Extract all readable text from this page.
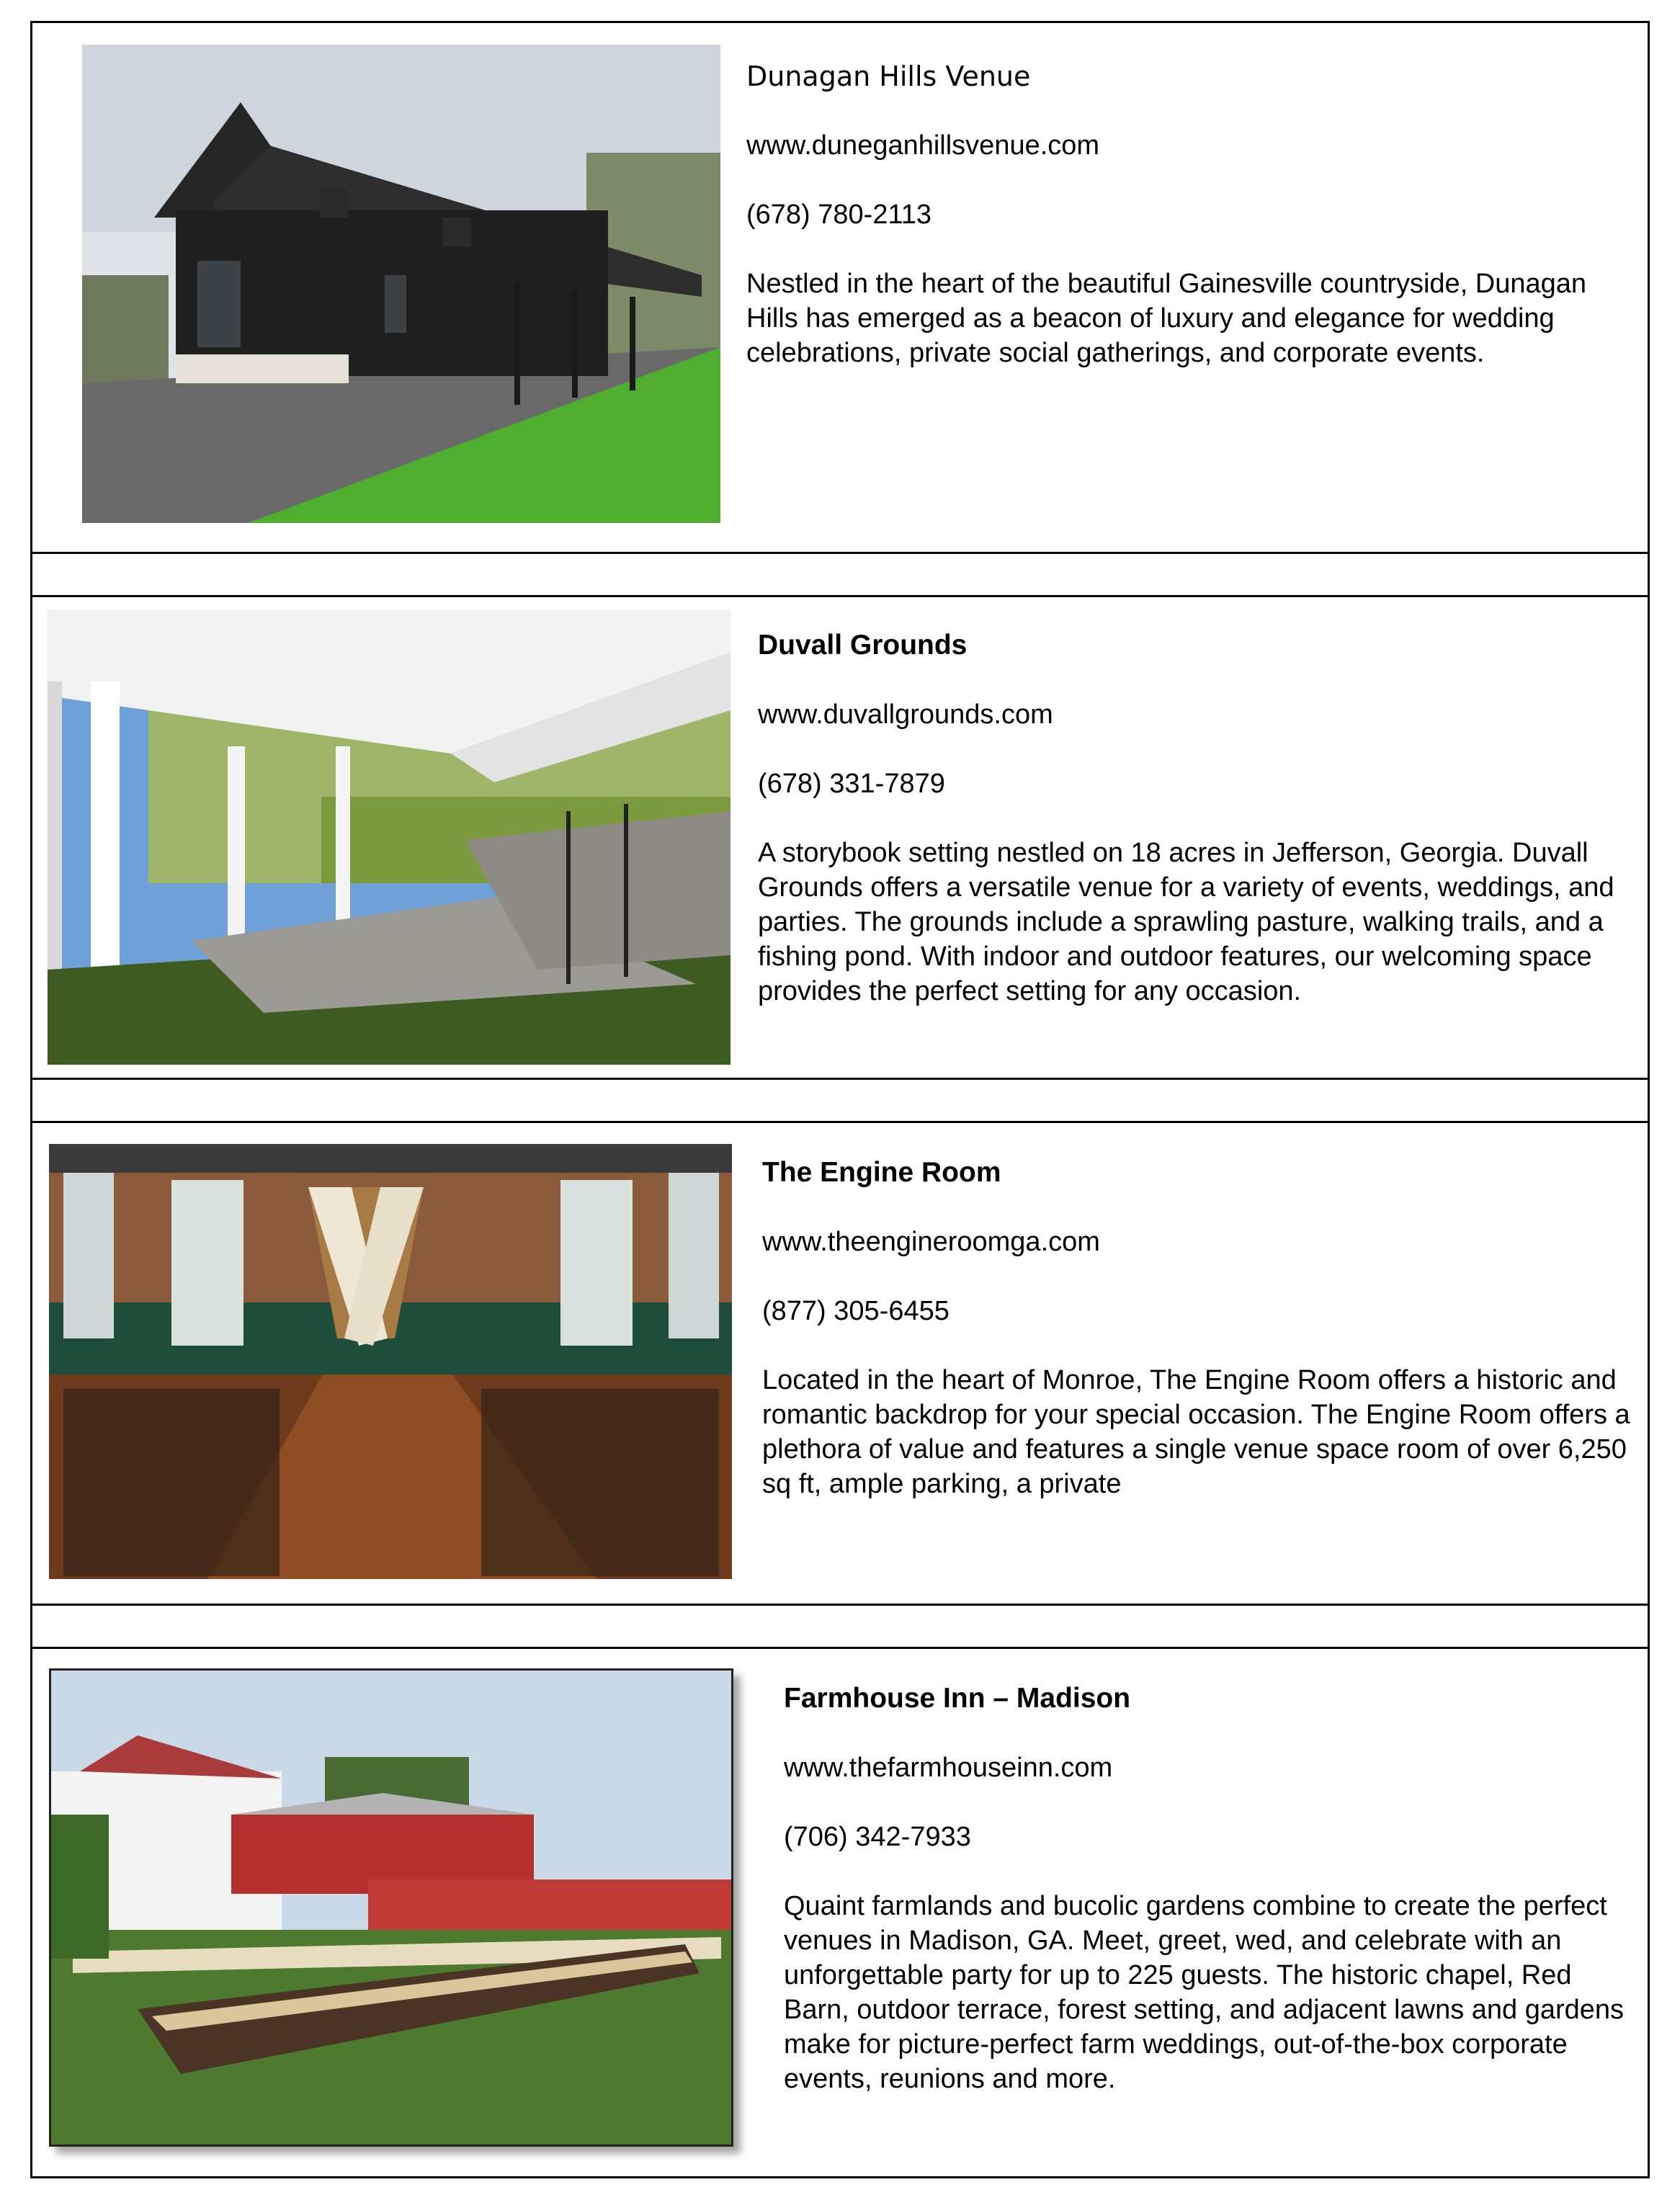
Dunagan Hills Venue

www.duneganhillsvenue.com

(678) 780-2113

Nestled in the heart of the beautiful Gainesville countryside, Dunagan Hills has emerged as a beacon of luxury and elegance for wedding celebrations, private social gatherings, and corporate events.

Duvall Grounds

www.duvallgrounds.com

(678) 331-7879

A storybook setting nestled on 18 acres in Jefferson, Georgia. Duvall Grounds offers a versatile venue for a variety of events, weddings, and parties. The grounds include a sprawling pasture, walking trails, and a fishing pond. With indoor and outdoor features, our welcoming space provides the perfect setting for any occasion.

The Engine Room

www.theengineroomga.com

(877) 305-6455

Located in the heart of Monroe, The Engine Room offers a historic and romantic backdrop for your special occasion. The Engine Room offers a plethora of value and features a single venue space room of over 6,250 sq ft, ample parking, a private

Farmhouse Inn – Madison

www.thefarmhouseinn.com

(706) 342-7933

Quaint farmlands and bucolic gardens combine to create the perfect venues in Madison, GA. Meet, greet, wed, and celebrate with an unforgettable party for up to 225 guests. The historic chapel, Red Barn, outdoor terrace, forest setting, and adjacent lawns and gardens make for picture-perfect farm weddings, out-of-the-box corporate events, reunions and more.
